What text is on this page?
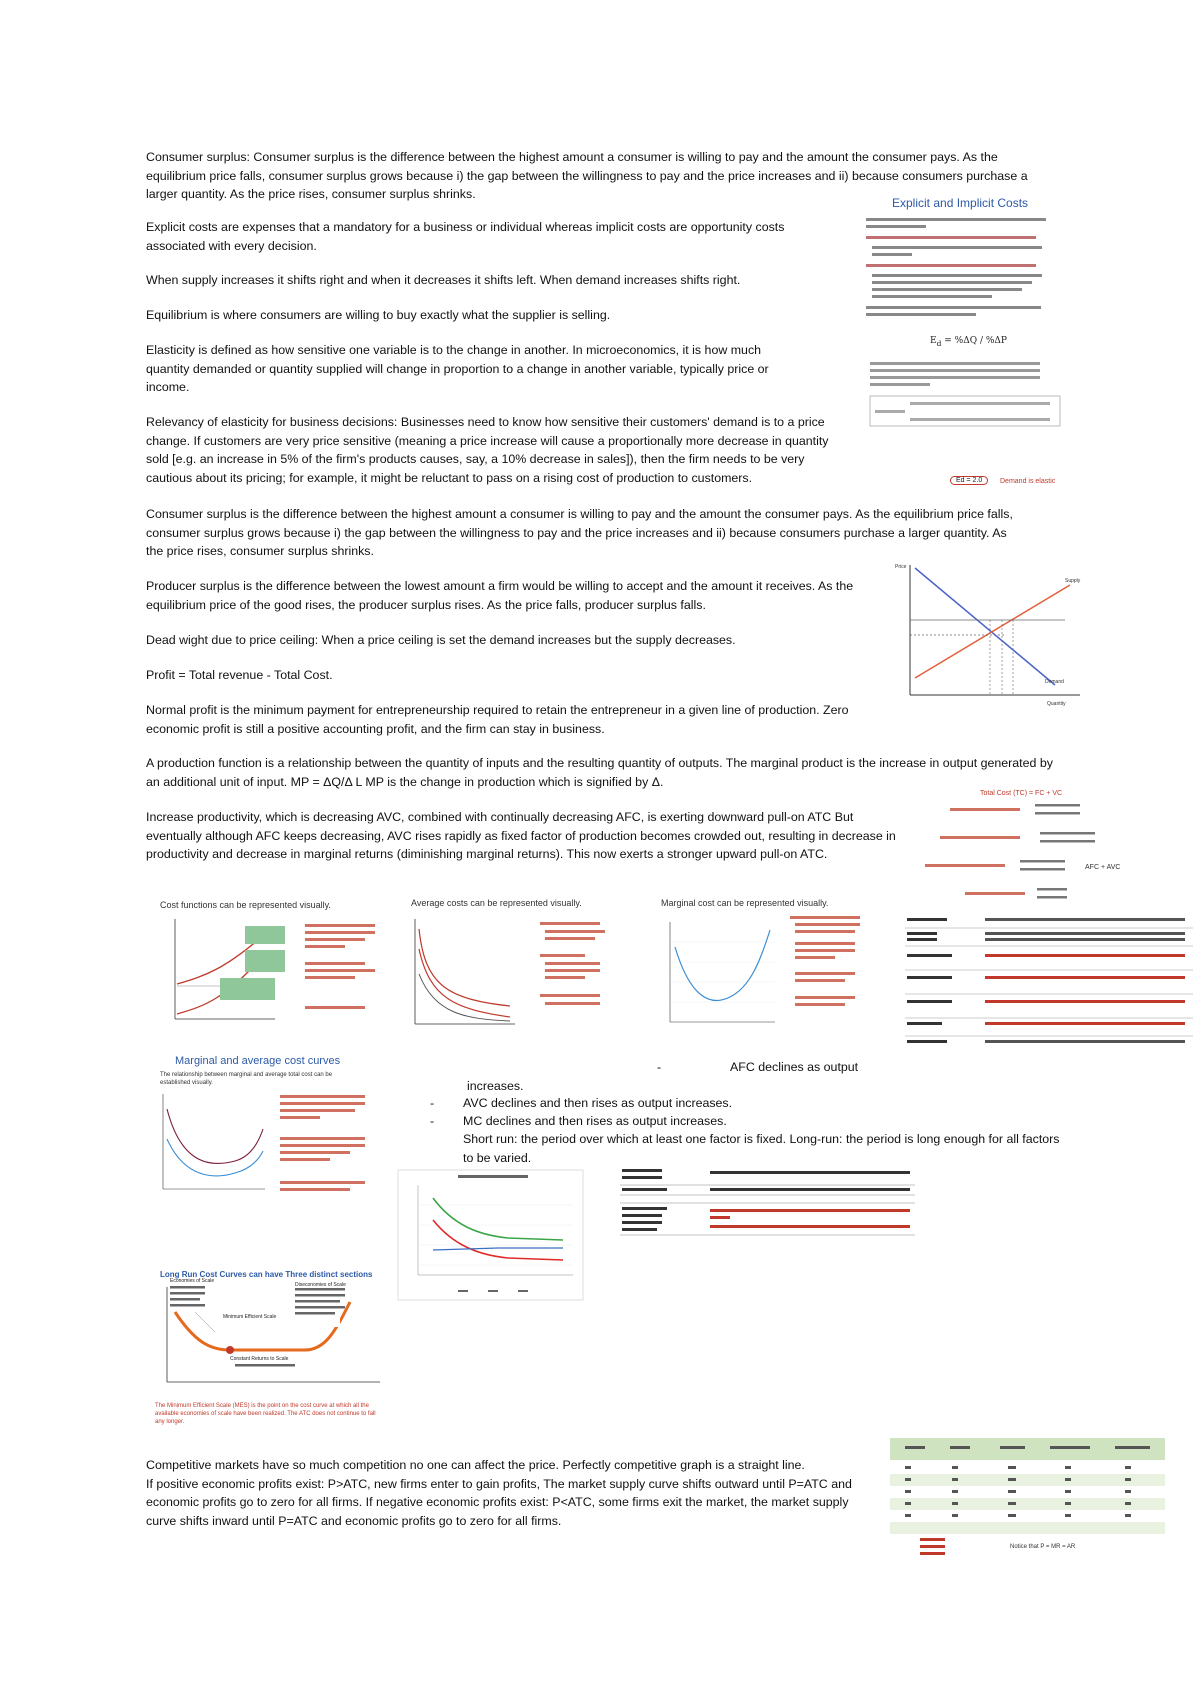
Consumer surplus: Consumer surplus is the difference between the highest amount a consumer is willing to pay and the amount the consumer pays. As the equilibrium price falls, consumer surplus grows because i) the gap between the willingness to pay and the price increases and ii) because consumers purchase a larger quantity. As the price rises, consumer surplus shrinks.

Explicit costs are expenses that a mandatory for a business or individual whereas implicit costs are opportunity costs associated with every decision.

When supply increases it shifts right and when it decreases it shifts left. When demand increases shifts right.

Equilibrium is where consumers are willing to buy exactly what the supplier is selling.

Elasticity is defined as how sensitive one variable is to the change in another. In microeconomics, it is how much quantity demanded or quantity supplied will change in proportion to a change in another variable, typically price or income.

Relevancy of elasticity for business decisions: Businesses need to know how sensitive their customers' demand is to a price change. If customers are very price sensitive (meaning a price increase will cause a proportionally more decrease in quantity sold [e.g. an increase in 5% of the firm's products causes, say, a 10% decrease in sales]), then the firm needs to be very cautious about its pricing; for example, it might be reluctant to pass on a rising cost of production to customers.

Consumer surplus is the difference between the highest amount a consumer is willing to pay and the amount the consumer pays. As the equilibrium price falls, consumer surplus grows because i) the gap between the willingness to pay and the price increases and ii) because consumers purchase a larger quantity. As the price rises, consumer surplus shrinks.

Producer surplus is the difference between the lowest amount a firm would be willing to accept and the amount it receives. As the equilibrium price of the good rises, the producer surplus rises. As the price falls, producer surplus falls.

Dead wight due to price ceiling: When a price ceiling is set the demand increases but the supply decreases.

Profit = Total revenue - Total Cost.

Normal profit is the minimum payment for entrepreneurship required to retain the entrepreneur in a given line of production. Zero economic profit is still a positive accounting profit, and the firm can stay in business.

A production function is a relationship between the quantity of inputs and the resulting quantity of outputs. The marginal product is the increase in output generated by an additional unit of input. MP = ΔQ/Δ L MP is the change in production which is signified by Δ.

Increase productivity, which is decreasing AVC, combined with continually decreasing AFC, is exerting downward pull-on ATC But eventually although AFC keeps decreasing, AVC rises rapidly as fixed factor of production becomes crowded out, resulting in decrease in productivity and decrease in marginal returns (diminishing marginal returns). This now exerts a stronger upward pull-on ATC.

Competitive markets have so much competition no one can affect the price. Perfectly competitive graph is a straight line.
If positive economic profits exist: P>ATC, new firms enter to gain profits, The market supply curve shifts outward until P=ATC and economic profits go to zero for all firms. If negative economic profits exist: P<ATC, some firms exit the market, the market supply curve shifts inward until P=ATC and economic profits go to zero for all firms.

-	AFC declines as output increases.

- AVC declines and then rises as output increases.

- MC declines and then rises as output increases.

Short run: the period over which at least one factor is fixed. Long-run: the period is long enough for all factors to be varied.

Explicit and Implicit Costs
$E_d = \%\Delta Q / \%\Delta P$
Ed = 2.0	Demand is elastic
Price
Supply
Demand
Quantity
Total Cost (TC) = FC + VC
AFC + AVC
Cost functions can be represented visually.	Average costs can be represented visually.	Marginal cost can be represented visually.
Marginal and average cost curves
The relationship between marginal and average total cost can be established visually.
Long Run Cost Curves can have Three distinct sections
Minimum Efficient Scale
Constant Returns to Scale
Diseconomies of Scale
Economies of Scale
The Minimum Efficient Scale (MES) is the point on the cost curve at which all the available economies of scale have been realized. The ATC does not continue to fall any longer.
Notice that P = MR = AR
